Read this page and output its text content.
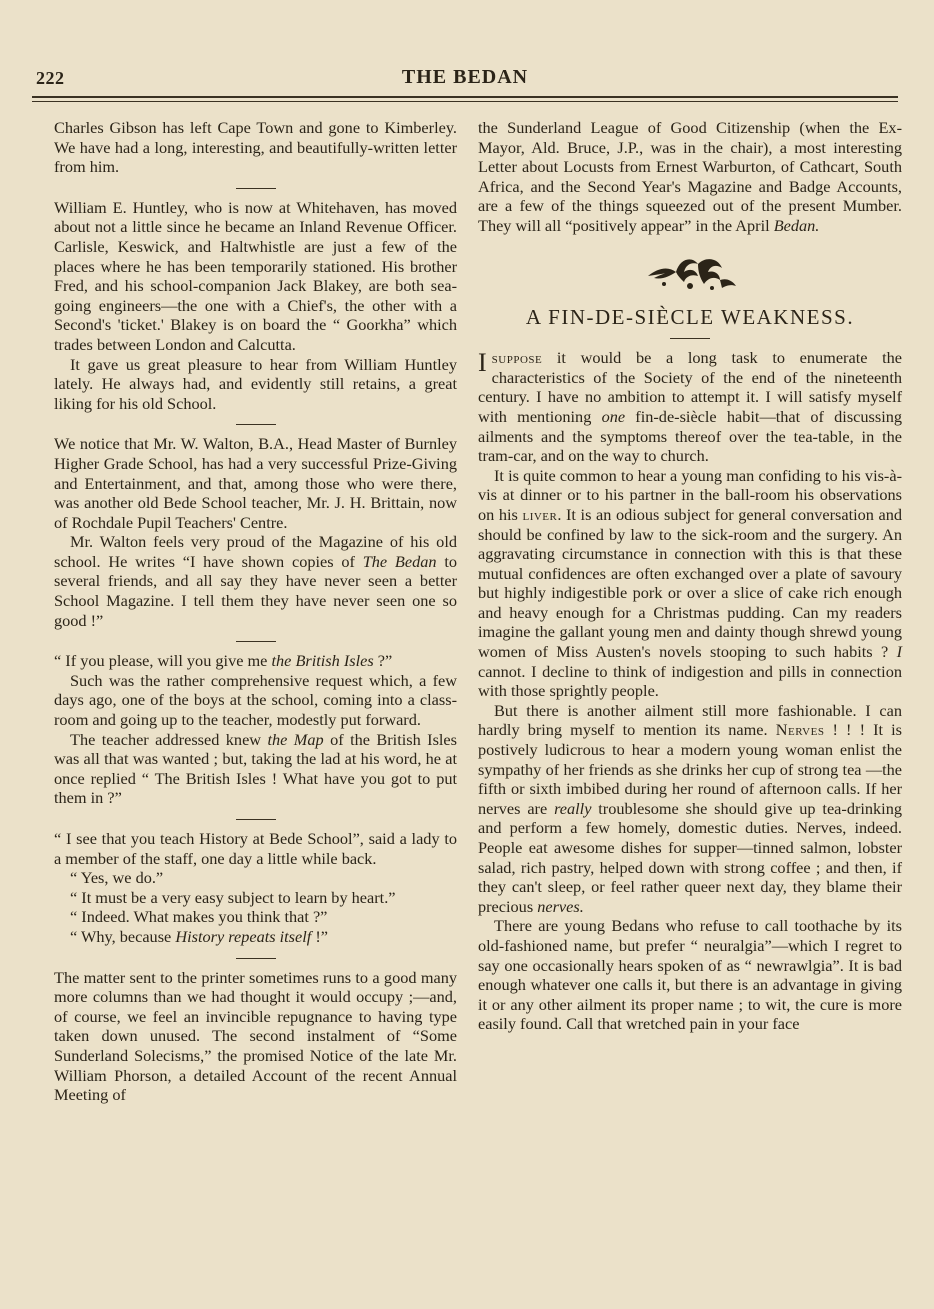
222	THE BEDAN

Charles Gibson has left Cape Town and gone to Kimberley. We have had a long, interesting, and beautifully-written letter from him.

William E. Huntley, who is now at Whitehaven, has moved about not a little since he became an Inland Revenue Officer. Carlisle, Keswick, and Haltwhistle are just a few of the places where he has been temporarily stationed. His brother Fred, and his school-companion Jack Blakey, are both sea-going engineers—the one with a Chief's, the other with a Second's 'ticket.' Blakey is on board the “ Goorkha” which trades between London and Calcutta.

It gave us great pleasure to hear from William Huntley lately. He always had, and evidently still retains, a great liking for his old School.

We notice that Mr. W. Walton, B.A., Head Master of Burnley Higher Grade School, has had a very successful Prize-Giving and Entertainment, and that, among those who were there, was another old Bede School teacher, Mr. J. H. Brittain, now of Rochdale Pupil Teachers' Centre.

Mr. Walton feels very proud of the Magazine of his old school. He writes “I have shown copies of The Bedan to several friends, and all say they have never seen a better School Magazine. I tell them they have never seen one so good !”

“ If you please, will you give me the British Isles ?”

Such was the rather comprehensive request which, a few days ago, one of the boys at the school, coming into a class-room and going up to the teacher, modestly put forward.

The teacher addressed knew the Map of the British Isles was all that was wanted ; but, taking the lad at his word, he at once replied “ The British Isles ! What have you got to put them in ?”

“ I see that you teach History at Bede School”, said a lady to a member of the staff, one day a little while back.

“ Yes, we do.”

“ It must be a very easy subject to learn by heart.”

“ Indeed. What makes you think that ?”

“ Why, because History repeats itself !”

The matter sent to the printer sometimes runs to a good many more columns than we had thought it would occupy ;—and, of course, we feel an invincible repugnance to having type taken down unused. The second instalment of “Some Sunderland Solecisms,” the promised Notice of the late Mr. William Phorson, a detailed Account of the recent Annual Meeting of

the Sunderland League of Good Citizenship (when the Ex-Mayor, Ald. Bruce, J.P., was in the chair), a most interesting Letter about Locusts from Ernest Warburton, of Cathcart, South Africa, and the Second Year's Magazine and Badge Accounts, are a few of the things squeezed out of the present Mumber. They will all “positively appear” in the April Bedan.

A FIN-DE-SIÈCLE WEAKNESS.

Isuppose it would be a long task to enumerate the characteristics of the Society of the end of the nineteenth century. I have no ambition to attempt it. I will satisfy myself with mentioning one fin-de-siècle habit—that of discussing ailments and the symptoms thereof over the tea-table, in the tram-car, and on the way to church.

It is quite common to hear a young man confiding to his vis-à-vis at dinner or to his partner in the ball-room his observations on his liver. It is an odious subject for general conversation and should be confined by law to the sick-room and the surgery. An aggravating circumstance in connection with this is that these mutual confidences are often exchanged over a plate of savoury but highly indigestible pork or over a slice of cake rich enough and heavy enough for a Christmas pudding. Can my readers imagine the gallant young men and dainty though shrewd young women of Miss Austen's novels stooping to such habits ? I cannot. I decline to think of indigestion and pills in connection with those sprightly people.

But there is another ailment still more fashionable. I can hardly bring myself to mention its name. Nerves ! ! ! It is postively ludicrous to hear a modern young woman enlist the sympathy of her friends as she drinks her cup of strong tea —the fifth or sixth imbibed during her round of afternoon calls. If her nerves are really troublesome she should give up tea-drinking and perform a few homely, domestic duties. Nerves, indeed. People eat awesome dishes for supper—tinned salmon, lobster salad, rich pastry, helped down with strong coffee ; and then, if they can't sleep, or feel rather queer next day, they blame their precious nerves.

There are young Bedans who refuse to call toothache by its old-fashioned name, but prefer “ neuralgia”—which I regret to say one occasionally hears spoken of as “ newrawlgia”. It is bad enough whatever one calls it, but there is an advantage in giving it or any other ailment its proper name ; to wit, the cure is more easily found. Call that wretched pain in your face
